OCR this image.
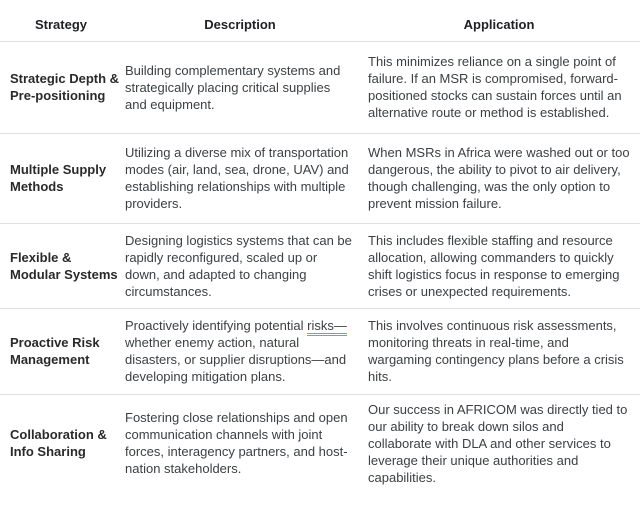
Strategy	Description	Application
Strategic Depth & Pre-positioning	Building complementary systems and strategically placing critical supplies and equipment.	This minimizes reliance on a single point of failure. If an MSR is compromised, forward-positioned stocks can sustain forces until an alternative route or method is established.
Multiple Supply Methods	Utilizing a diverse mix of transportation modes (air, land, sea, drone, UAV) and establishing relationships with multiple providers.	When MSRs in Africa were washed out or too dangerous, the ability to pivot to air delivery, though challenging, was the only option to prevent mission failure.
Flexible & Modular Systems	Designing logistics systems that can be rapidly reconfigured, scaled up or down, and adapted to changing circumstances.	This includes flexible staffing and resource allocation, allowing commanders to quickly shift logistics focus in response to emerging crises or unexpected requirements.
Proactive Risk Management	Proactively identifying potential risks—whether enemy action, natural disasters, or supplier disruptions—and developing mitigation plans.	This involves continuous risk assessments, monitoring threats in real-time, and wargaming contingency plans before a crisis hits.
Collaboration & Info Sharing	Fostering close relationships and open communication channels with joint forces, interagency partners, and host-nation stakeholders.	Our success in AFRICOM was directly tied to our ability to break down silos and collaborate with DLA and other services to leverage their unique authorities and capabilities.
